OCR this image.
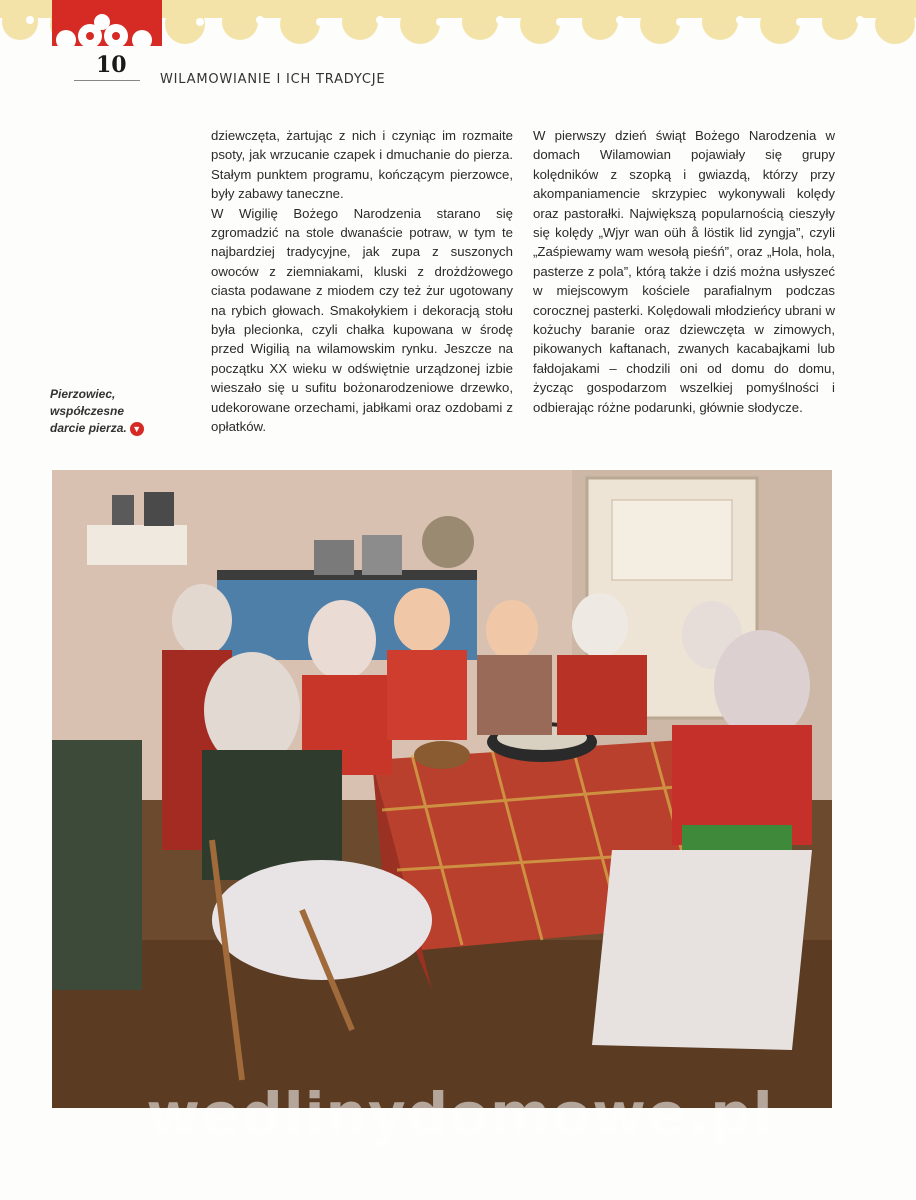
10
WILAMOWIANIE I ICH TRADYCJE

dziewczęta, żartując z nich i czyniąc im rozmaite psoty, jak wrzucanie czapek i dmuchanie do pierza. Stałym punktem programu, kończącym pierzowce, były zabawy taneczne.

W Wigilię Bożego Narodzenia starano się zgromadzić na stole dwanaście potraw, w tym te najbardziej tradycyjne, jak zupa z suszonych owoców z ziemniakami, kluski z drożdżowego ciasta podawane z miodem czy też żur ugotowany na rybich głowach. Smakołykiem i dekoracją stołu była plecionka, czyli chałka kupowana w środę przed Wigilią na wilamowskim rynku. Jeszcze na początku XX wieku w odświętnie urządzonej izbie wieszało się u sufitu bożonarodzeniowe drzewko, udekorowane orzechami, jabłkami oraz ozdobami z opłatków.

W pierwszy dzień świąt Bożego Narodzenia w domach Wilamowian pojawiały się grupy kolędników z szopką i gwiazdą, którzy przy akompaniamencie skrzypiec wykonywali kolędy oraz pastorałki. Największą popularnością cieszyły się kolędy „Wjyr wan oüh å löstik lid zyngja”, czyli „Zaśpiewamy wam wesołą pieśń”, oraz „Hola, hola, pasterze z pola”, którą także i dziś można usłyszeć w miejscowym kościele parafialnym podczas corocznej pasterki. Kolędowali młodzieńcy ubrani w kożuchy baranie oraz dziewczęta w zimowych, pikowanych kaftanach, zwanych kacabajkami lub fałdojakami – chodzili oni od domu do domu, życząc gospodarzom wszelkiej pomyślności i odbierając różne podarunki, głównie słodycze.

Pierzowiec, współczesne darcie pierza. ▼
wedlinydomowe.pl
